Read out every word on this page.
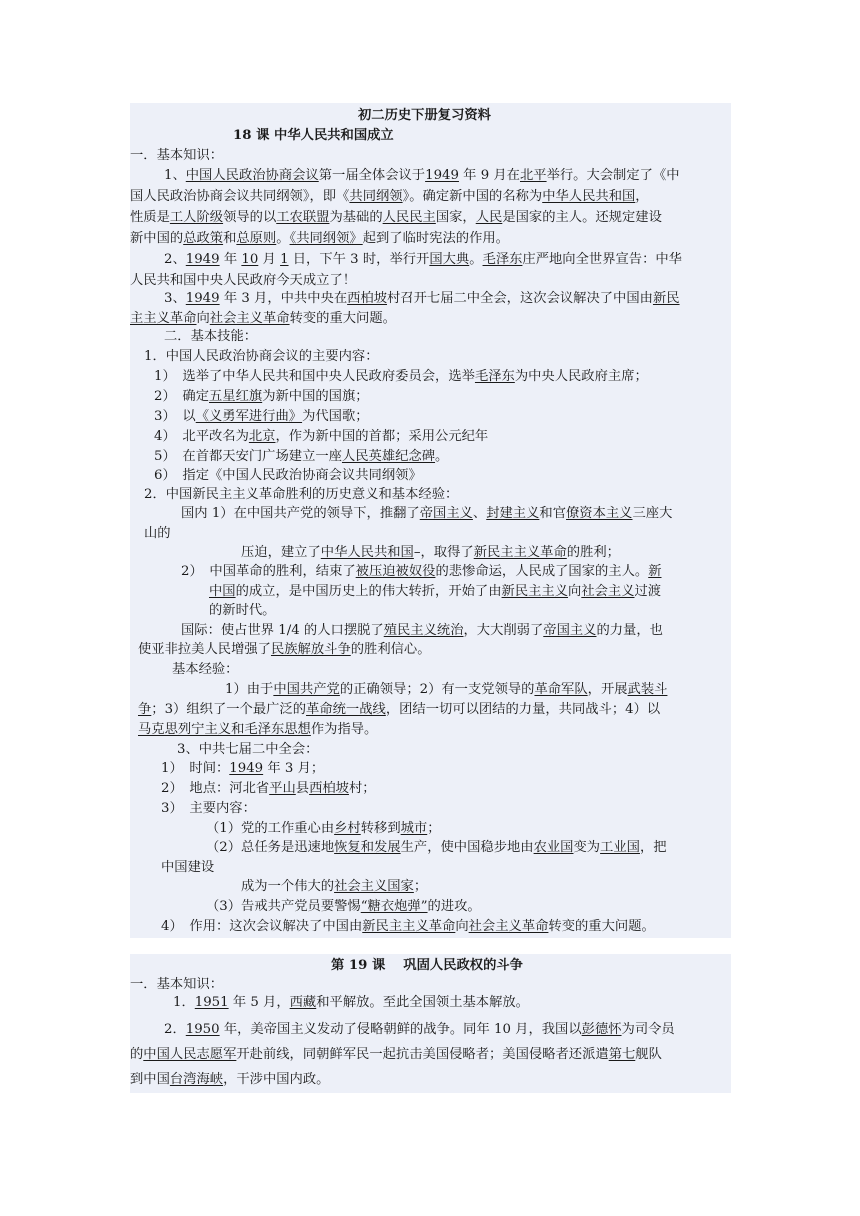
初二历史下册复习资料
18 课 中华人民共和国成立
一．基本知识：
1、中国人民政治协商会议第一届全体会议于1949 年 9 月在北平举行。大会制定了《中
国人民政治协商会议共同纲领》，即《共同纲领》。确定新中国的名称为中华人民共和国，
性质是工人阶级领导的以工农联盟为基础的人民民主国家，人民是国家的主人。还规定建设
新中国的总政策和总原则。《共同纲领》起到了临时宪法的作用。
2、1949 年 10 月 1 日，下午 3 时，举行开国大典。毛泽东庄严地向全世界宣告：中华
人民共和国中央人民政府今天成立了！
3、1949 年 3 月，中共中央在西柏坡村召开七届二中全会，这次会议解决了中国由新民
主主义革命向社会主义革命转变的重大问题。
二．基本技能：
1．中国人民政治协商会议的主要内容：
1）　选举了中华人民共和国中央人民政府委员会，选举毛泽东为中央人民政府主席；
2）　确定五星红旗为新中国的国旗；
3）　以《义勇军进行曲》为代国歌；
4）　北平改名为北京，作为新中国的首都；采用公元纪年
5）　在首都天安门广场建立一座人民英雄纪念碑。
6）　指定《中国人民政治协商会议共同纲领》
2．中国新民主主义革命胜利的历史意义和基本经验：
国内 1）在中国共产党的领导下，推翻了帝国主义、封建主义和官僚资本主义三座大
山的
压迫，建立了中华人民共和国–，取得了新民主主义革命的胜利；
2）　中国革命的胜利，结束了被压迫被奴役的悲惨命运，人民成了国家的主人。新
中国的成立，是中国历史上的伟大转折，开始了由新民主主义向社会主义过渡
的新时代。
国际：使占世界 1/4 的人口摆脱了殖民主义统治，大大削弱了帝国主义的力量，也
使亚非拉美人民增强了民族解放斗争的胜利信心。
基本经验：
1）由于中国共产党的正确领导；2）有一支党领导的革命军队，开展武装斗
争；3）组织了一个最广泛的革命统一战线，团结一切可以团结的力量，共同战斗；4）以
马克思列宁主义和毛泽东思想作为指导。
3、中共七届二中全会：
1）　时间：1949 年 3 月；
2）　地点：河北省平山县西柏坡村；
3）　主要内容：
（1）党的工作重心由乡村转移到城市；
（2）总任务是迅速地恢复和发展生产，使中国稳步地由农业国变为工业国，把
中国建设
成为一个伟大的社会主义国家；
（3）告戒共产党员要警惕“糖衣炮弹”的进攻。
4）　作用：这次会议解决了中国由新民主主义革命向社会主义革命转变的重大问题。
第 19 课　 巩固人民政权的斗争
一．基本知识：
1．1951 年 5 月，西藏和平解放。至此全国领土基本解放。
2．1950 年，美帝国主义发动了侵略朝鲜的战争。同年 10 月，我国以彭德怀为司令员
的中国人民志愿军开赴前线，同朝鲜军民一起抗击美国侵略者；美国侵略者还派遣第七舰队
到中国台湾海峡，干涉中国内政。
